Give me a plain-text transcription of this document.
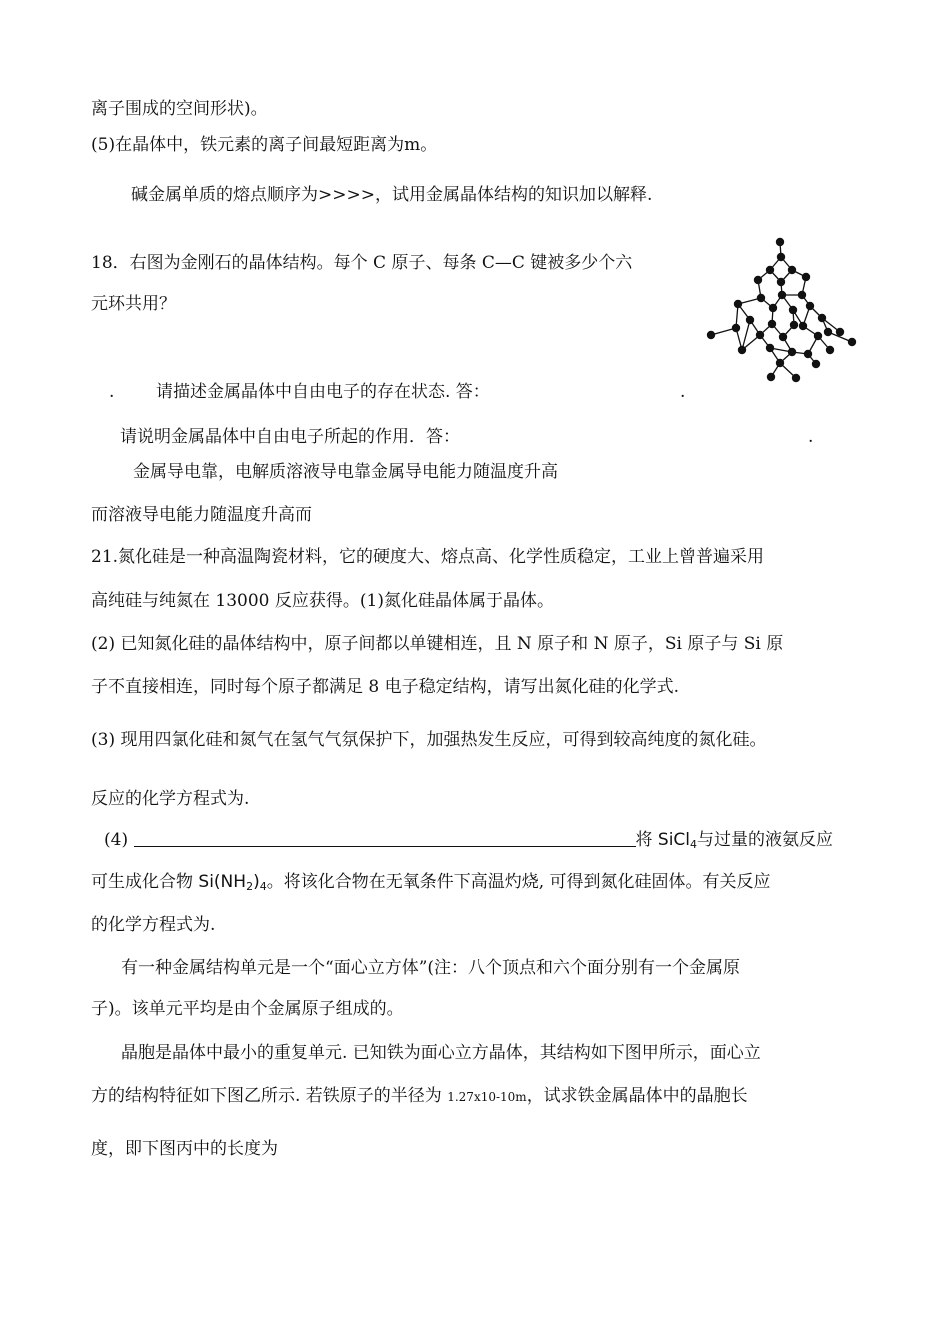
离子围成的空间形状)。
(5)在晶体中，铁元素的离子间最短距离为m。
碱金属单质的熔点顺序为>>>>，试用金属晶体结构的知识加以解释.
18．右图为金刚石的晶体结构。每个 C 原子、每条 C—C 键被多少个六
元环共用？
. 请描述金属晶体中自由电子的存在状态. 答：	.
请说明金属晶体中自由电子所起的作用．答：	.
金属导电靠，电解质溶液导电靠金属导电能力随温度升高
而溶液导电能力随温度升高而
21.氮化硅是一种高温陶瓷材料，它的硬度大、熔点高、化学性质稳定，工业上曾普遍采用
高纯硅与纯氮在 13000 反应获得。(1)氮化硅晶体属于晶体。
(2) 已知氮化硅的晶体结构中，原子间都以单键相连，且 N 原子和 N 原子，Si 原子与 Si 原
子不直接相连，同时每个原子都满足 8 电子稳定结构，请写出氮化硅的化学式.
(3) 现用四氯化硅和氮气在氢气气氛保护下，加强热发生反应，可得到较高纯度的氮化硅。
反应的化学方程式为.
(4)	将 SiCl$_4$与过量的液氨反应
可生成化合物 $Si(NH_2)_4$。将该化合物在无氧条件下高温灼烧, 可得到氮化硅固体。有关反应
的化学方程式为.
有一种金属结构单元是一个“面心立方体”(注：八个顶点和六个面分别有一个金属原
子)。该单元平均是由个金属原子组成的。
晶胞是晶体中最小的重复单元. 已知铁为面心立方晶体，其结构如下图甲所示，面心立
方的结构特征如下图乙所示. 若铁原子的半径为 1.27x10-10m，试求铁金属晶体中的晶胞长
度，即下图丙中的长度为
